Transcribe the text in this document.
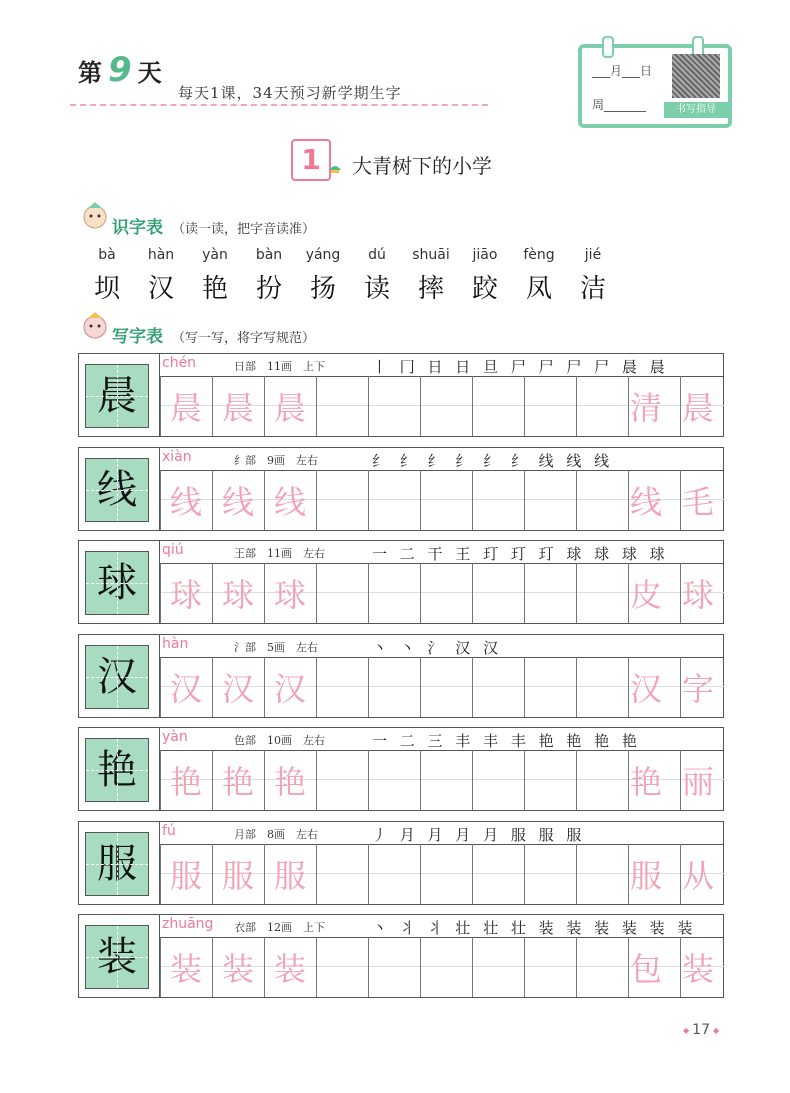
第 9 天
每天1课，34天预习新学期生字
___月___日
周_______	书写指导
1	大青树下的小学
识字表 （读一读，把字音读准）
bà	hàn	yàn	bàn	yáng	dú	shuāi	jiāo	fèng	jié
坝	汉	艳	扮	扬	读	摔	跤	凤	洁
写字表 （写一写，将字写规范）
晨
chén	日部　11画　上下	丨 冂 日 日 旦 尸 尸 尸 尸 晨 晨
晨 晨 晨	清 晨
线
xiàn	纟部　9画　左右	纟 纟 纟 纟 纟 纟 线 线 线
线 线 线	线 毛
球
qiú	王部　11画　左右	一 二 干 王 玎 玎 玎 球 球 球 球
球 球 球	皮 球
汉
hàn	氵部　5画　左右	丶 丶 氵 汉 汉
汉 汉 汉	汉 字
艳
yàn	色部　10画　左右	一 二 三 丰 丰 丰 艳 艳 艳 艳
艳 艳 艳	艳 丽
服
fú	月部　8画　左右	丿 月 月 月 月 服 服 服
服 服 服	服 从
装
zhuāng 衣部　12画　上下	丶 丬 丬 壮 壮 壮 装 装 装 装 装 装
装 装 装	包 装
◆ 17 ◆
